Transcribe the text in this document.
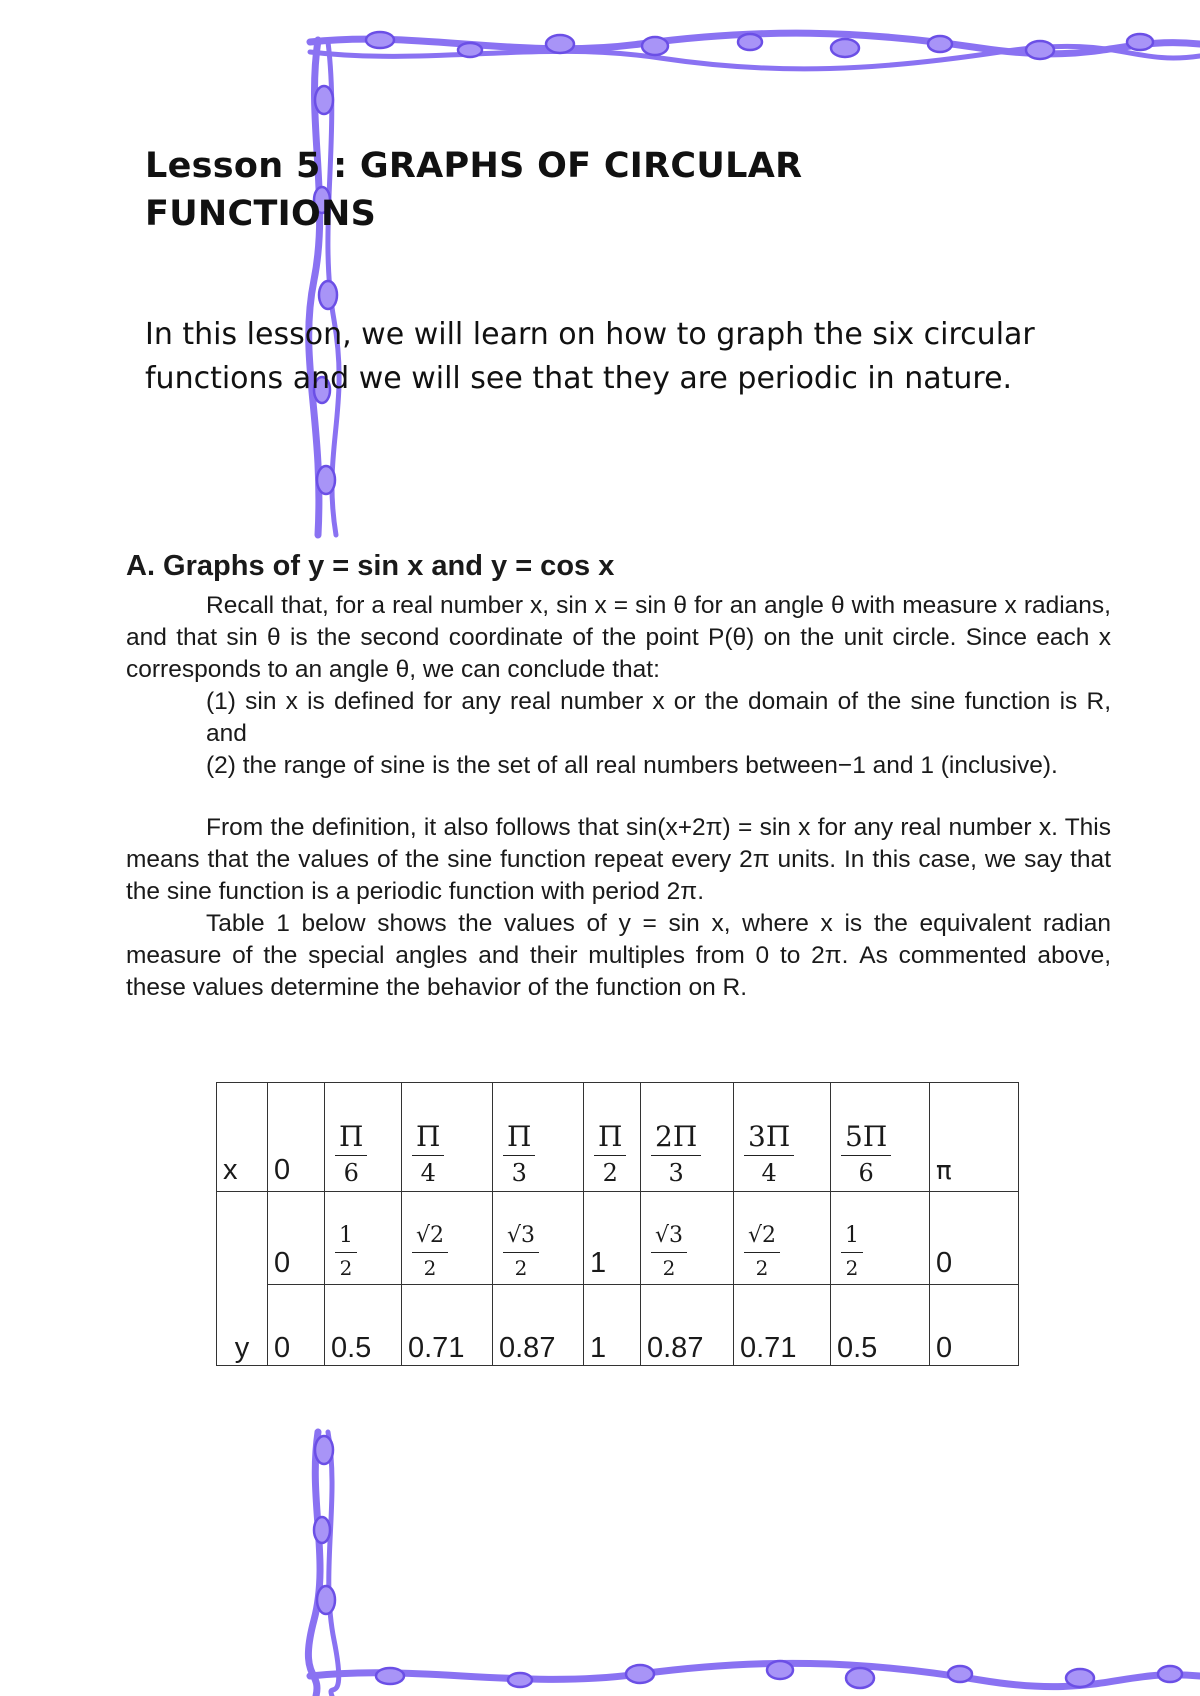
Lesson 5 : GRAPHS OF CIRCULAR
FUNCTIONS

In this lesson, we will learn on how to graph the six circular functions and we will see that they are periodic in nature.

A. Graphs of y = sin x and y = cos x

Recall that, for a real number x, sin x = sin θ for an angle θ with measure x radians, and that sin θ is the second coordinate of the point P(θ) on the unit circle. Since each x corresponds to an angle θ, we can conclude that:

(1) sin x is defined for any real number x or the domain of the sine function is R, and

(2) the range of sine is the set of all real numbers between−1 and 1 (inclusive).

From the definition, it also follows that sin(x+2π) = sin x for any real number x. This means that the values of the sine function repeat every 2π units. In this case, we say that the sine function is a periodic function with period 2π.

Table 1 below shows the values of y = sin x, where x is the equivalent radian measure of the special angles and their multiples from 0 to 2π. As commented above, these values determine the behavior of the function on R.

x	0	$\frac{\Pi}{6}$	$\frac{\Pi}{4}$	$\frac{\Pi}{3}$	$\frac{\Pi}{2}$	$\frac{2\Pi}{3}$	$\frac{3\Pi}{4}$	$\frac{5\Pi}{6}$	π
	0	$\frac{1}{2}$	$\frac{√2}{2}$	$\frac{√3}{2}$	1	$\frac{√3}{2}$	$\frac{√2}{2}$	$\frac{1}{2}$	0
y	0	0.5	0.71	0.87	1	0.87	0.71	0.5	0
